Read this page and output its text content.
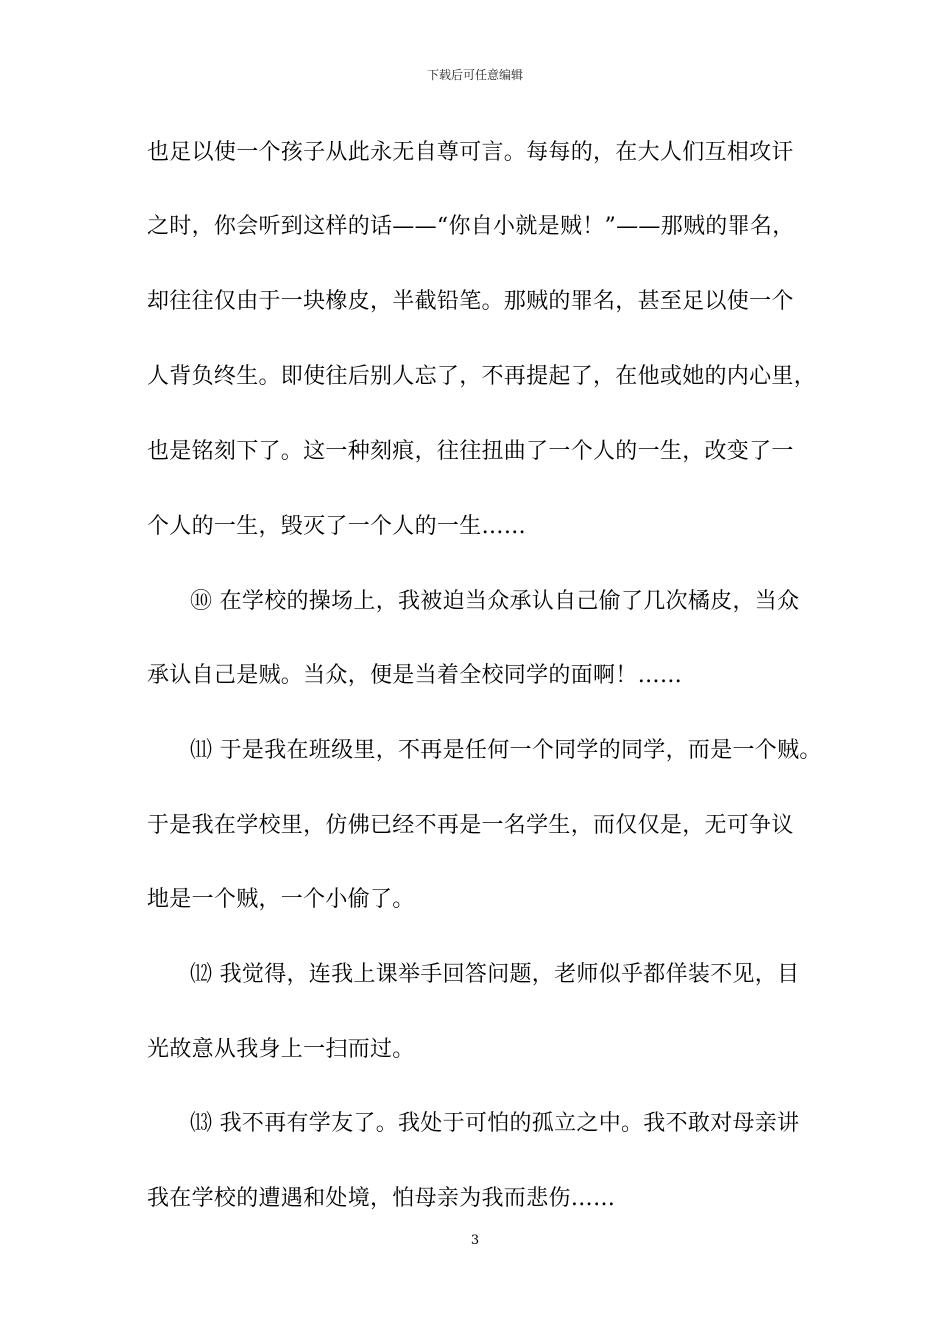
下载后可任意编辑
也足以使一个孩子从此永无自尊可言。每每的，在大人们互相攻讦
之时，你会听到这样的话——“你自小就是贼！”——那贼的罪名，
却往往仅由于一块橡皮，半截铅笔。那贼的罪名，甚至足以使一个
人背负终生。即使往后别人忘了，不再提起了，在他或她的内心里，
也是铭刻下了。这一种刻痕，往往扭曲了一个人的一生，改变了一
个人的一生，毁灭了一个人的一生……
⑩ 在学校的操场上，我被迫当众承认自己偷了几次橘皮，当众
承认自己是贼。当众，便是当着全校同学的面啊！……
⑾ 于是我在班级里，不再是任何一个同学的同学，而是一个贼。
于是我在学校里，仿佛已经不再是一名学生，而仅仅是，无可争议
地是一个贼，一个小偷了。
⑿ 我觉得，连我上课举手回答问题，老师似乎都佯装不见，目
光故意从我身上一扫而过。
⒀ 我不再有学友了。我处于可怕的孤立之中。我不敢对母亲讲
我在学校的遭遇和处境，怕母亲为我而悲伤……
3
